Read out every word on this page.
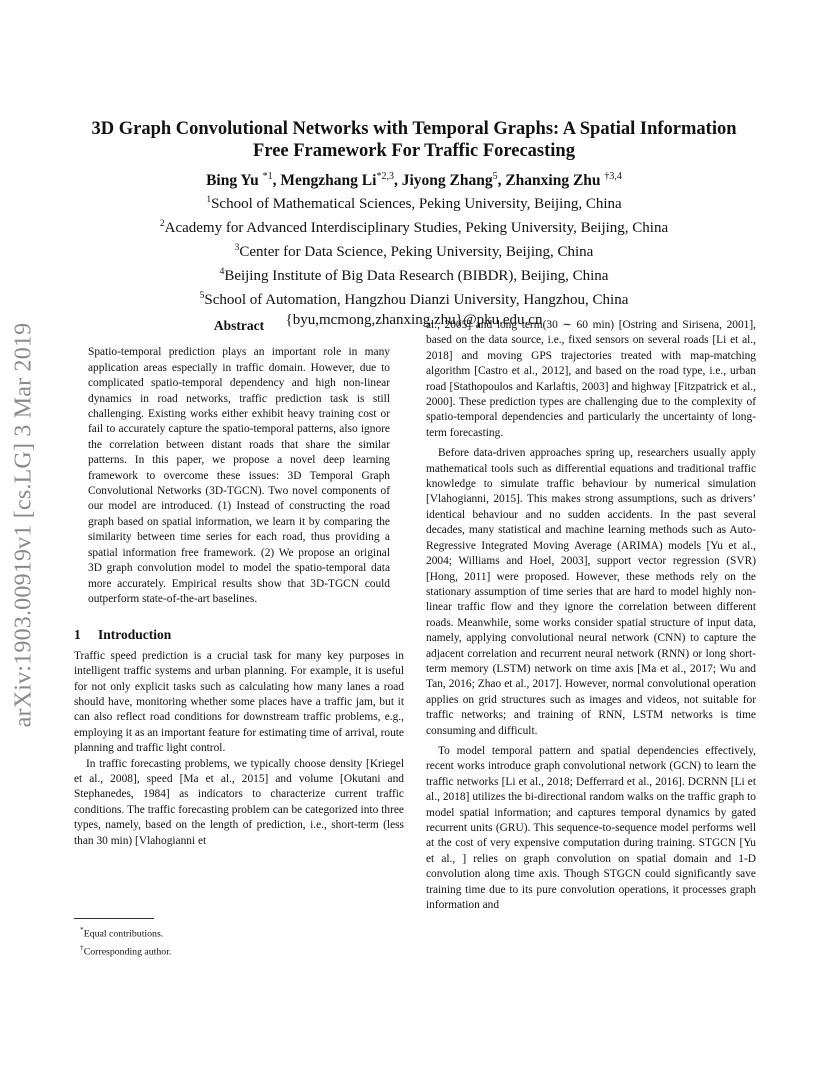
arXiv:1903.00919v1 [cs.LG] 3 Mar 2019
3D Graph Convolutional Networks with Temporal Graphs: A Spatial Information
Free Framework For Traffic Forecasting
Bing Yu $^{*1}$, Mengzhang Li$^{*2,3}$, Jiyong Zhang$^5$, Zhanxing Zhu $^{\dagger 3,4}$
$^1$School of Mathematical Sciences, Peking University, Beijing, China
$^2$Academy for Advanced Interdisciplinary Studies, Peking University, Beijing, China
$^3$Center for Data Science, Peking University, Beijing, China
$^4$Beijing Institute of Big Data Research (BIBDR), Beijing, China
$^5$School of Automation, Hangzhou Dianzi University, Hangzhou, China
{byu,mcmong,zhanxing.zhu}@pku.edu.cn
Abstract

Spatio-temporal prediction plays an important role in many application areas especially in traffic domain. However, due to complicated spatio-temporal dependency and high non-linear dynamics in road networks, traffic prediction task is still challenging. Existing works either exhibit heavy training cost or fail to accurately capture the spatio-temporal patterns, also ignore the correlation between distant roads that share the similar patterns. In this paper, we propose a novel deep learning framework to overcome these issues: 3D Temporal Graph Convolutional Networks (3D-TGCN). Two novel components of our model are introduced. (1) Instead of constructing the road graph based on spatial information, we learn it by comparing the similarity between time series for each road, thus providing a spatial information free framework. (2) We propose an original 3D graph convolution model to model the spatio-temporal data more accurately. Empirical results show that 3D-TGCN could outperform state-of-the-art baselines.

1 Introduction

Traffic speed prediction is a crucial task for many key purposes in intelligent traffic systems and urban planning. For example, it is useful for not only explicit tasks such as calculating how many lanes a road should have, monitoring whether some places have a traffic jam, but it can also reflect road conditions for downstream traffic problems, e.g., employing it as an important feature for estimating time of arrival, route planning and traffic light control.

In traffic forecasting problems, we typically choose density [Kriegel et al., 2008], speed [Ma et al., 2015] and volume [Okutani and Stephanedes, 1984] as indicators to characterize current traffic conditions. The traffic forecasting problem can be categorized into three types, namely, based on the length of prediction, i.e., short-term (less than 30 min) [Vlahogianni et

al., 2005] and long term(30 ∼ 60 min) [Ostring and Sirisena, 2001], based on the data source, i.e., fixed sensors on several roads [Li et al., 2018] and moving GPS trajectories treated with map-matching algorithm [Castro et al., 2012], and based on the road type, i.e., urban road [Stathopoulos and Karlaftis, 2003] and highway [Fitzpatrick et al., 2000]. These prediction types are challenging due to the complexity of spatio-temporal dependencies and particularly the uncertainty of long-term forecasting.

Before data-driven approaches spring up, researchers usually apply mathematical tools such as differential equations and traditional traffic knowledge to simulate traffic behaviour by numerical simulation [Vlahogianni, 2015]. This makes strong assumptions, such as drivers’ identical behaviour and no sudden accidents. In the past several decades, many statistical and machine learning methods such as Auto-Regressive Integrated Moving Average (ARIMA) models [Yu et al., 2004; Williams and Hoel, 2003], support vector regression (SVR) [Hong, 2011] were proposed. However, these methods rely on the stationary assumption of time series that are hard to model highly non-linear traffic flow and they ignore the correlation between different roads. Meanwhile, some works consider spatial structure of input data, namely, applying convolutional neural network (CNN) to capture the adjacent correlation and recurrent neural network (RNN) or long short-term memory (LSTM) network on time axis [Ma et al., 2017; Wu and Tan, 2016; Zhao et al., 2017]. However, normal convolutional operation applies on grid structures such as images and videos, not suitable for traffic networks; and training of RNN, LSTM networks is time consuming and difficult.

To model temporal pattern and spatial dependencies effectively, recent works introduce graph convolutional network (GCN) to learn the traffic networks [Li et al., 2018; Defferrard et al., 2016]. DCRNN [Li et al., 2018] utilizes the bi-directional random walks on the traffic graph to model spatial information; and captures temporal dynamics by gated recurrent units (GRU). This sequence-to-sequence model performs well at the cost of very expensive computation during training. STGCN [Yu et al., ] relies on graph convolution on spatial domain and 1-D convolution along time axis. Though STGCN could significantly save training time due to its pure convolution operations, it processes graph information and

*Equal contributions.
†Corresponding author.
